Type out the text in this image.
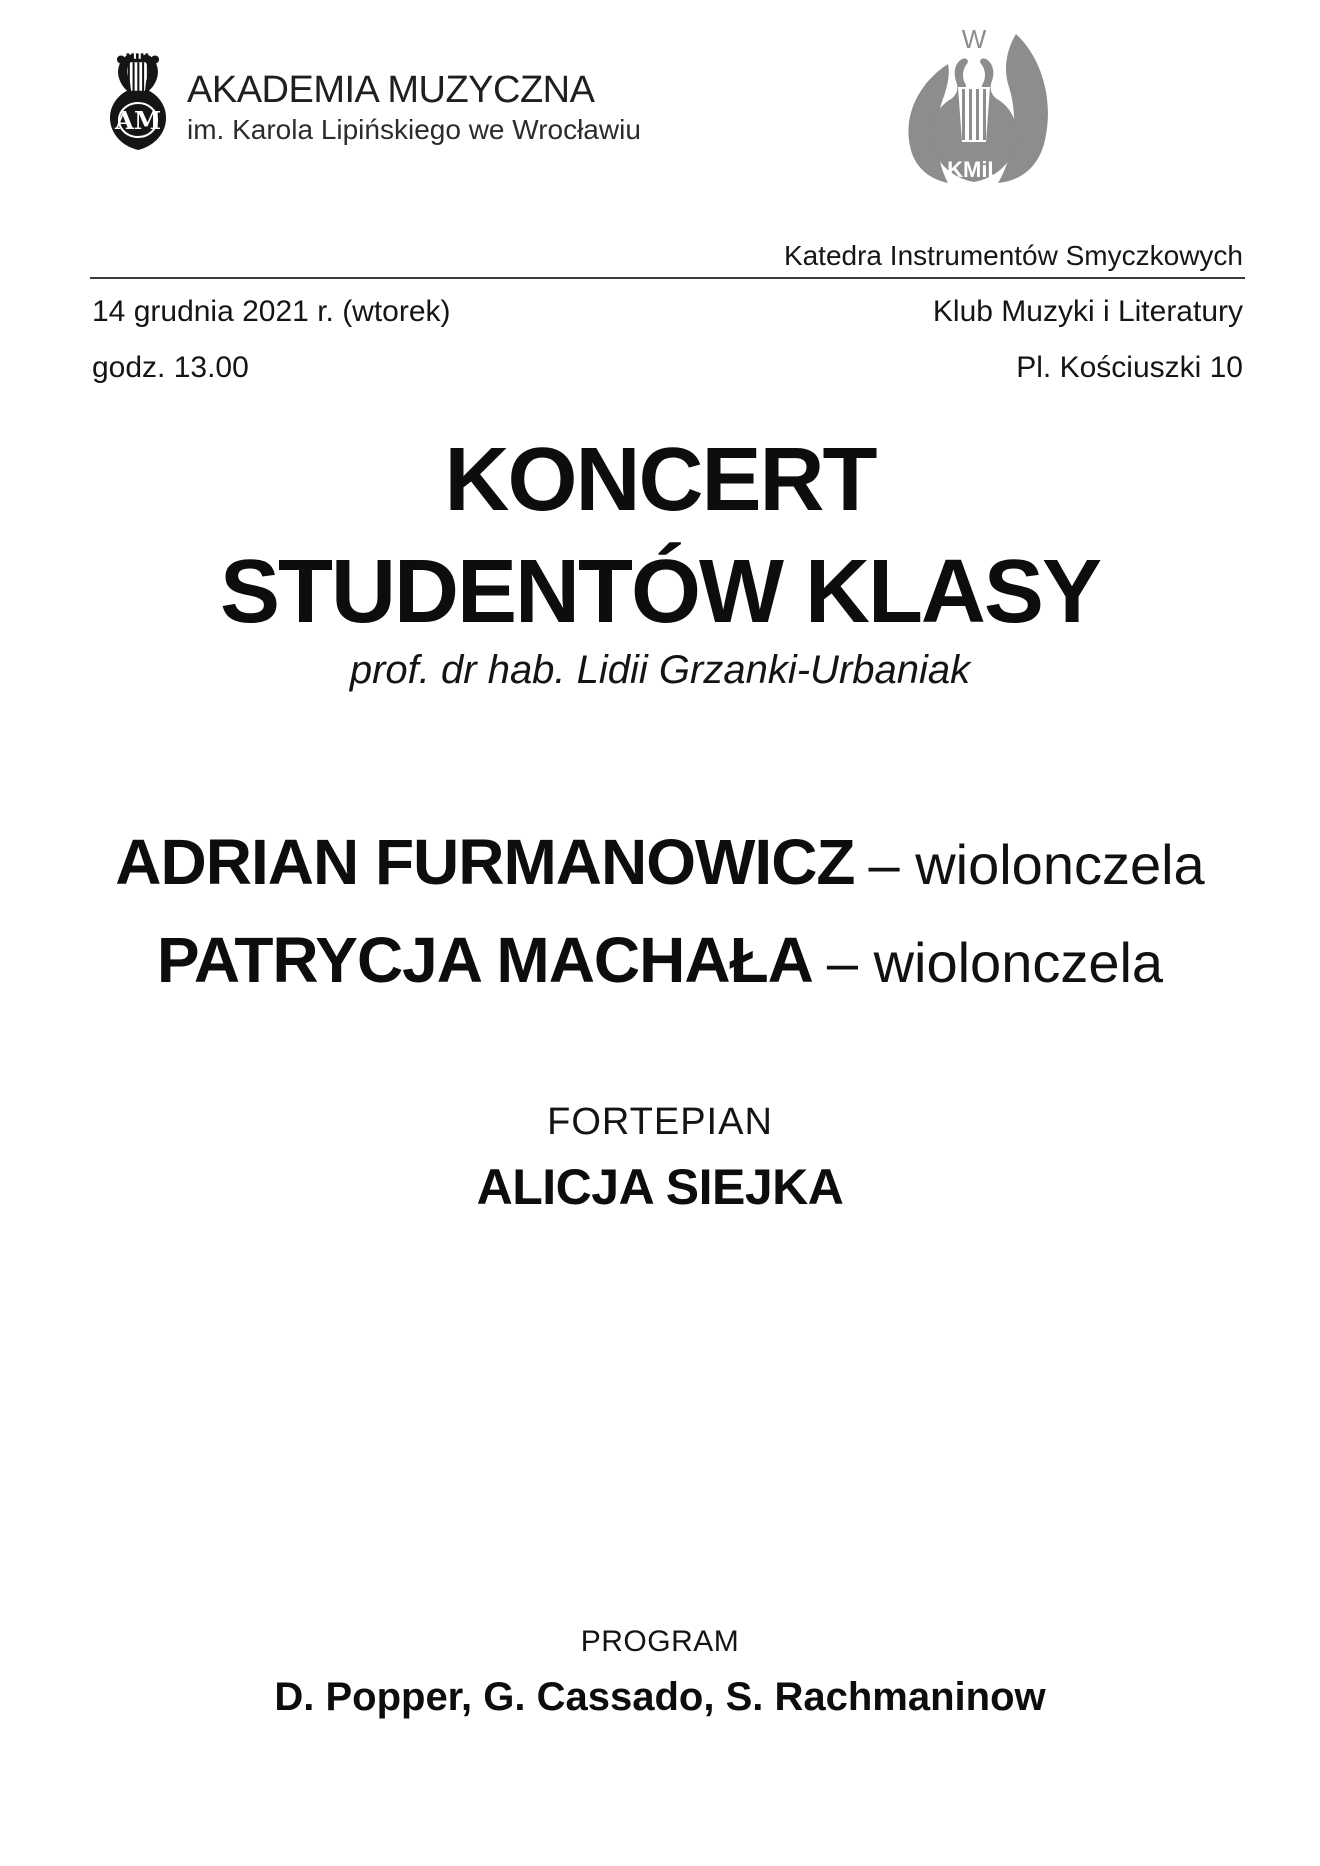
AM
AKADEMIA MUZYCZNA
im. Karola Lipińskiego we Wrocławiu
W
KMiL
Katedra Instrumentów Smyczkowych
14 grudnia 2021 r. (wtorek)	Klub Muzyki i Literatury
godz. 13.00	Pl. Kościuszki 10
KONCERT
STUDENTÓW KLASY
prof. dr hab. Lidii Grzanki-Urbaniak
ADRIAN FURMANOWICZ – wiolonczela
PATRYCJA MACHAŁA – wiolonczela
FORTEPIAN
ALICJA SIEJKA
PROGRAM
D. Popper, G. Cassado, S. Rachmaninow
